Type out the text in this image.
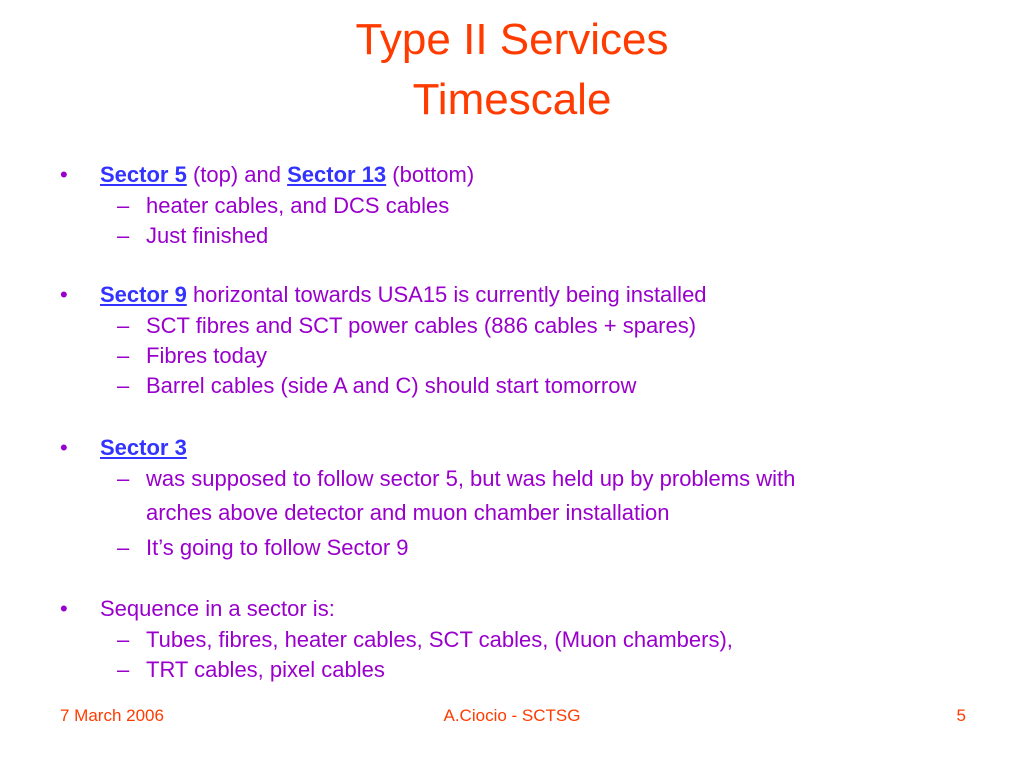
Type II Services
Timescale
•	Sector 5 (top) and Sector 13 (bottom)
– heater cables, and DCS cables
– Just finished
•	Sector 9 horizontal towards USA15 is currently being installed
– SCT fibres and SCT power cables (886 cables + spares)
– Fibres today
– Barrel cables (side A and C) should start tomorrow
•	Sector 3
– was supposed to follow sector 5, but was held up by problems with
arches above detector and muon chamber installation
– It’s going to follow Sector 9
•	Sequence in a sector is:
– Tubes, fibres, heater cables, SCT cables, (Muon chambers),
– TRT cables, pixel cables
7 March 2006	A.Ciocio - SCTSG	5
